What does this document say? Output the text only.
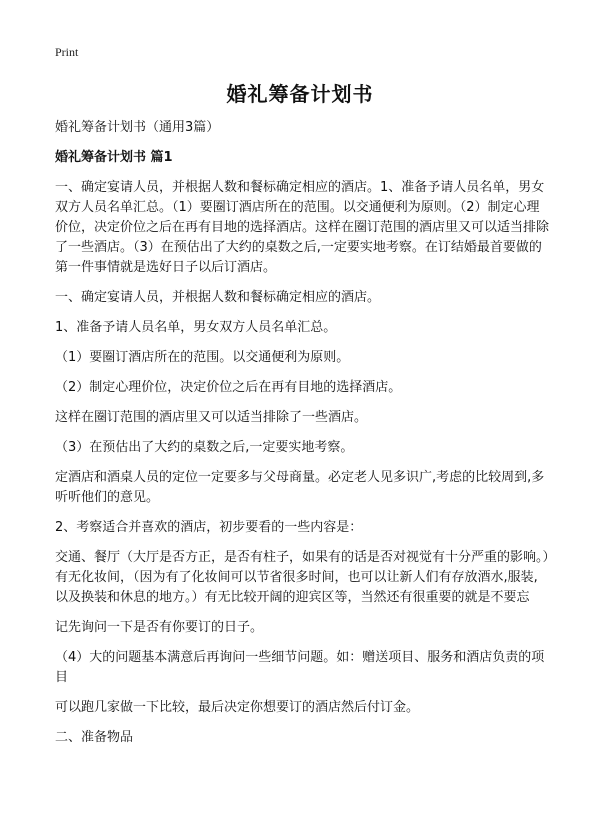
Print
婚礼筹备计划书

婚礼筹备计划书（通用3篇）

婚礼筹备计划书 篇1

一、确定宴请人员，并根据人数和餐标确定相应的酒店。1、准备予请人员名单，男女双方人员名单汇总。（1）要圈订酒店所在的范围。以交通便利为原则。（2）制定心理价位，决定价位之后在再有目地的选择酒店。这样在圈订范围的酒店里又可以适当排除了一些酒店。（3）在预估出了大约的桌数之后,一定要实地考察。在订结婚最首要做的第一件事情就是选好日子以后订酒店。

一、确定宴请人员，并根据人数和餐标确定相应的酒店。

1、准备予请人员名单，男女双方人员名单汇总。

（1）要圈订酒店所在的范围。以交通便利为原则。

（2）制定心理价位，决定价位之后在再有目地的选择酒店。

这样在圈订范围的酒店里又可以适当排除了一些酒店。

（3）在预估出了大约的桌数之后,一定要实地考察。

定酒店和酒桌人员的定位一定要多与父母商量。必定老人见多识广,考虑的比较周到,多听听他们的意见。

2、考察适合并喜欢的酒店，初步要看的一些内容是：

交通、餐厅（大厅是否方正，是否有柱子，如果有的话是否对视觉有十分严重的影响。）有无化妆间，（因为有了化妆间可以节省很多时间，也可以让新人们有存放酒水,服装,以及换装和休息的地方。）有无比较开阔的迎宾区等，当然还有很重要的就是不要忘

记先询问一下是否有你要订的日子。

（4）大的问题基本满意后再询问一些细节问题。如：赠送项目、服务和酒店负责的项目

可以跑几家做一下比较，最后决定你想要订的酒店然后付订金。

二、准备物品
